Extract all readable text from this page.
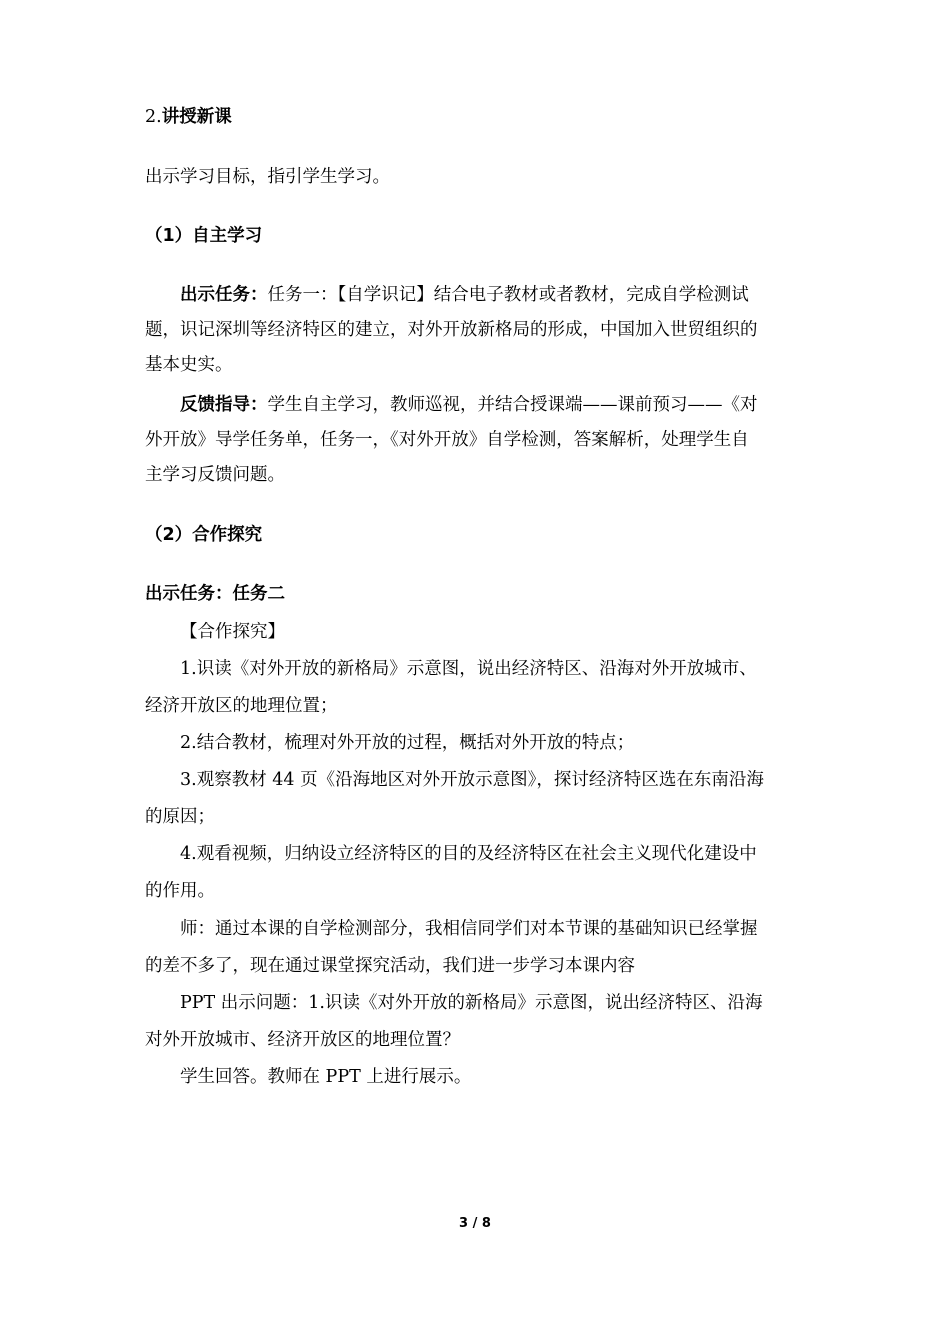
2.讲授新课
出示学习目标，指引学生学习。
（1）自主学习
出示任务：任务一：【自学识记】结合电子教材或者教材，完成自学检测试
题，识记深圳等经济特区的建立，对外开放新格局的形成，中国加入世贸组织的
基本史实。
反馈指导：学生自主学习，教师巡视，并结合授课端——课前预习——《对
外开放》导学任务单，任务一，《对外开放》自学检测，答案解析，处理学生自
主学习反馈问题。
（2）合作探究
出示任务：任务二
【合作探究】
1.识读《对外开放的新格局》示意图，说出经济特区、沿海对外开放城市、
经济开放区的地理位置；
2.结合教材，梳理对外开放的过程，概括对外开放的特点；
3.观察教材 44 页《沿海地区对外开放示意图》，探讨经济特区选在东南沿海
的原因；
4.观看视频，归纳设立经济特区的目的及经济特区在社会主义现代化建设中
的作用。
师：通过本课的自学检测部分，我相信同学们对本节课的基础知识已经掌握
的差不多了，现在通过课堂探究活动，我们进一步学习本课内容
PPT 出示问题：1.识读《对外开放的新格局》示意图，说出经济特区、沿海
对外开放城市、经济开放区的地理位置？
学生回答。教师在 PPT 上进行展示。
3 / 8
